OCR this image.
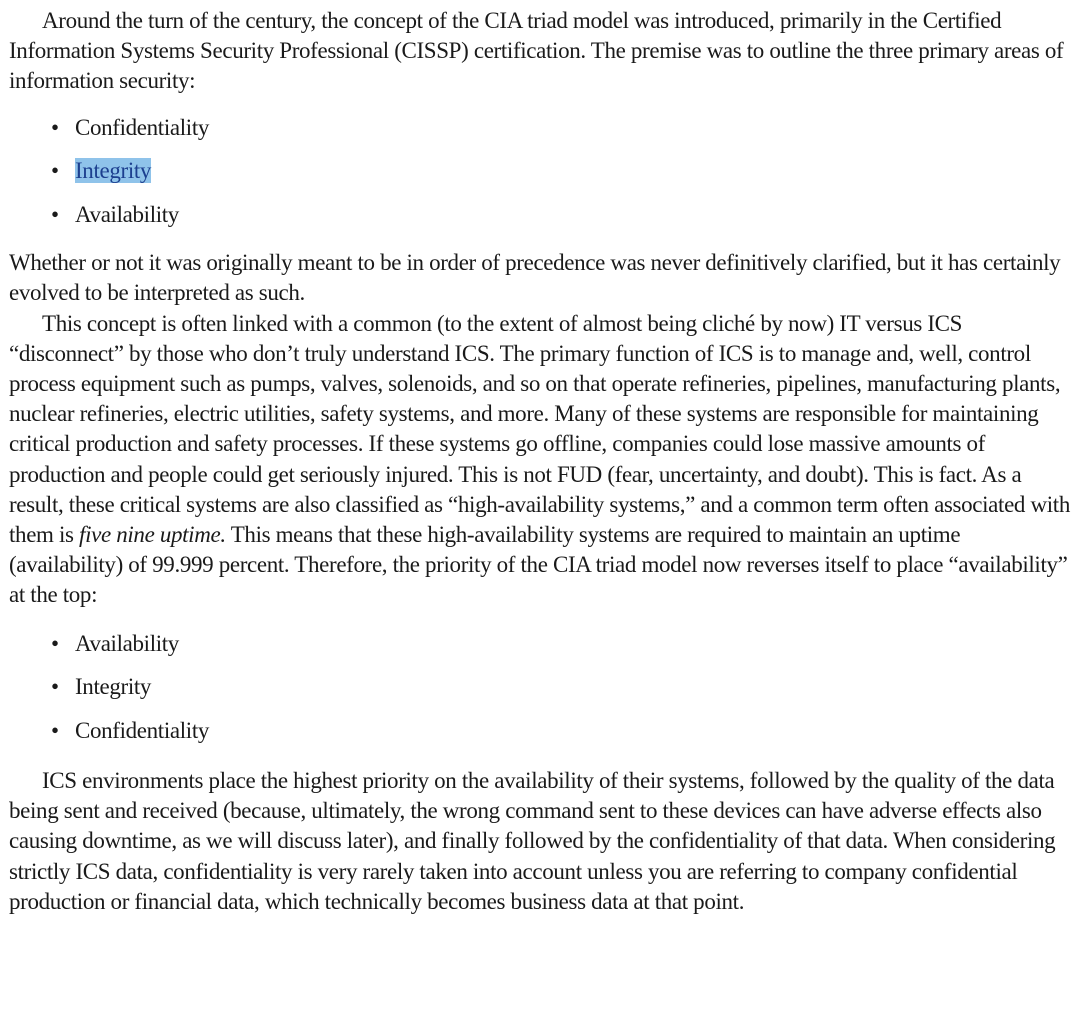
Around the turn of the century, the concept of the CIA triad model was introduced, primarily in the Certified Information Systems Security Professional (CISSP) certification. The premise was to outline the three primary areas of information security:

• Confidentiality
• Integrity
• Availability

Whether or not it was originally meant to be in order of precedence was never definitively clarified, but it has certainly evolved to be interpreted as such.

This concept is often linked with a common (to the extent of almost being cliché by now) IT versus ICS “disconnect” by those who don’t truly understand ICS. The primary function of ICS is to manage and, well, control process equipment such as pumps, valves, solenoids, and so on that operate refineries, pipelines, manufacturing plants, nuclear refineries, electric utilities, safety systems, and more. Many of these systems are responsible for maintaining critical production and safety processes. If these systems go offline, companies could lose massive amounts of production and people could get seriously injured. This is not FUD (fear, uncertainty, and doubt). This is fact. As a result, these critical systems are also classified as “high-availability systems,” and a common term often associated with them is five nine uptime. This means that these high-availability systems are required to maintain an uptime (availability) of 99.999 percent. Therefore, the priority of the CIA triad model now reverses itself to place “availability” at the top:

• Availability
• Integrity
• Confidentiality

ICS environments place the highest priority on the availability of their systems, followed by the quality of the data being sent and received (because, ultimately, the wrong command sent to these devices can have adverse effects also causing downtime, as we will discuss later), and finally followed by the confidentiality of that data. When considering strictly ICS data, confidentiality is very rarely taken into account unless you are referring to company confidential production or financial data, which technically becomes business data at that point.
